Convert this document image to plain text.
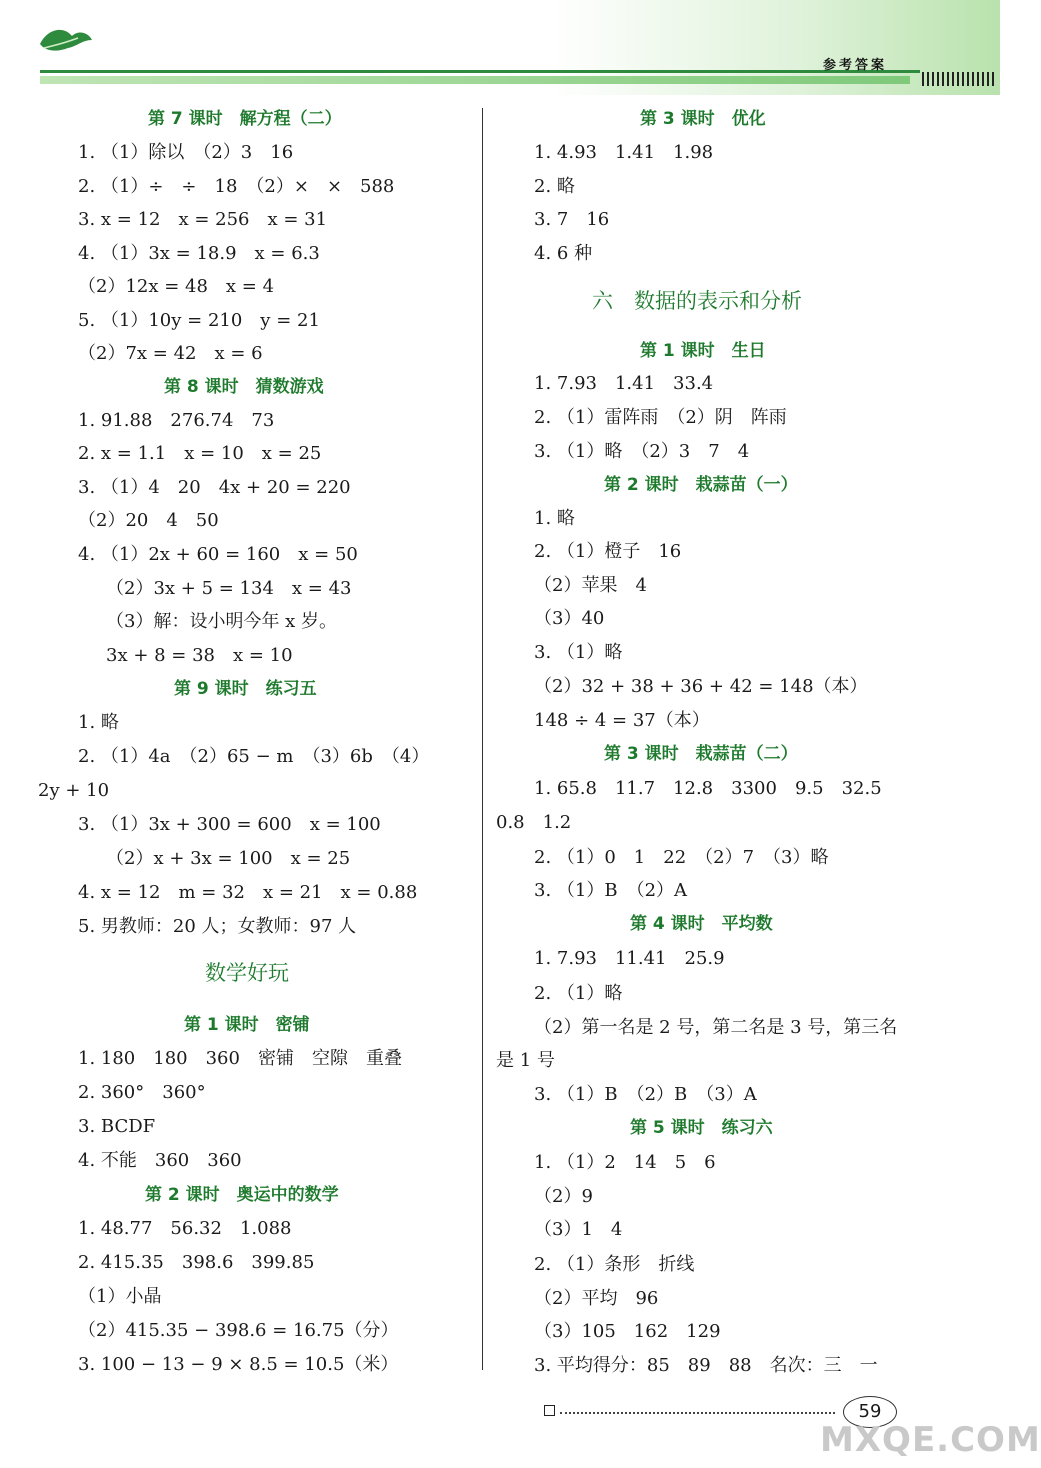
参考答案
第 7 课时　解方程（二）
1. （1）除以　（2）3　16
2. （1）÷　÷　18　（2）×　×　588
3. x = 12　x = 256　x = 31
4. （1）3x = 18.9　x = 6.3
（2）12x = 48　x = 4
5. （1）10y = 210　y = 21
（2）7x = 42　x = 6
第 8 课时　猜数游戏
1. 91.88　276.74　73
2. x = 1.1　x = 10　x = 25
3. （1）4　20　4x + 20 = 220
（2）20　4　50
4. （1）2x + 60 = 160　x = 50
（2）3x + 5 = 134　x = 43
（3）解：设小明今年 x 岁。
3x + 8 = 38　x = 10
第 9 课时　练习五
1. 略
2. （1）4a　（2）65 − m　（3）6b　（4）
2y + 10
3. （1）3x + 300 = 600　x = 100
（2）x + 3x = 100　x = 25
4. x = 12　m = 32　x = 21　x = 0.88
5. 男教师：20 人；女教师：97 人
数学好玩
第 1 课时　密铺
1. 180　180　360　密铺　空隙　重叠
2. 360°　360°
3. BCDF
4. 不能　360　360
第 2 课时　奥运中的数学
1. 48.77　56.32　1.088
2. 415.35　398.6　399.85
（1）小晶
（2）415.35 − 398.6 = 16.75（分）
3. 100 − 13 − 9 × 8.5 = 10.5（米）
第 3 课时　优化
1. 4.93　1.41　1.98
2. 略
3. 7　16
4. 6 种
六　数据的表示和分析
第 1 课时　生日
1. 7.93　1.41　33.4
2. （1）雷阵雨　（2）阴　阵雨
3. （1）略　（2）3　7　4
第 2 课时　栽蒜苗（一）
1. 略
2. （1）橙子　16
（2）苹果　4
（3）40
3. （1）略
（2）32 + 38 + 36 + 42 = 148（本）
148 ÷ 4 = 37（本）
第 3 课时　栽蒜苗（二）
1. 65.8　11.7　12.8　3300　9.5　32.5
0.8　1.2
2. （1）0　1　22　（2）7　（3）略
3. （1）B　（2）A
第 4 课时　平均数
1. 7.93　11.41　25.9
2. （1）略
（2）第一名是 2 号，第二名是 3 号，第三名
是 1 号
3. （1）B　（2）B　（3）A
第 5 课时　练习六
1. （1）2　14　5　6
（2）9
（3）1　4
2. （1）条形　折线
（2）平均　96
（3）105　162　129
3. 平均得分：85　89　88　名次：三　一
59
MXQE.COM
